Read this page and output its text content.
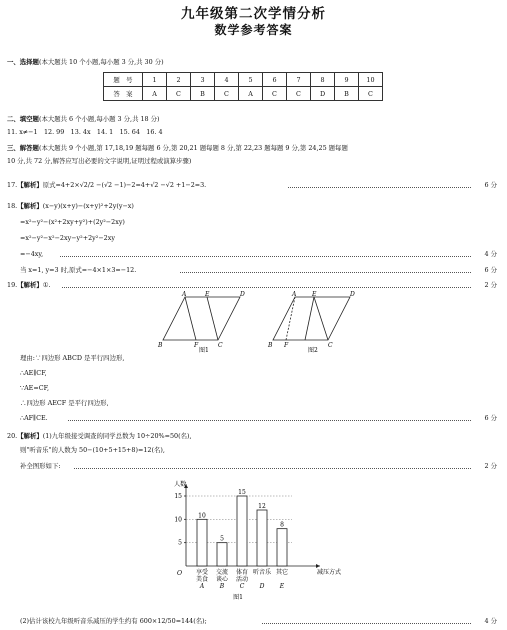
九年级第二次学情分析
数学参考答案
一、选择题(本大题共 10 个小题,每小题 3 分,共 30 分)
题　号	1	2	3	4	5	6	7	8	9	10
答　案	A	C	B	C	A	C	C	D	B	C
二、填空题(本大题共 6 个小题,每小题 3 分,共 18 分)
11. x≠−1　12. 99　13. 4x　14. 1　15. 64　16. 4
三、解答题(本大题共 9 个小题,第 17,18,19 题每题 6 分,第 20,21 题每题 8 分,第 22,23 题每题 9 分,第 24,25 题每题
10 分,共 72 分,解答应写出必要的文字说明,证明过程或演算步骤)
17.【解析】原式=4+2×√2/2 −(√2 −1)−2=4+√2 −√2 +1−2=3.	6 分
18.【解析】(x−y)(x+y)−(x+y)²+2y(y−x)
=x²−y²−(x²+2xy+y²)+(2y²−2xy)
=x²−y²−x²−2xy−y²+2y²−2xy
=−4xy,	4 分
当 x=1, y=3 时,原式=−4×1×3=−12.	6 分
19.【解析】①.	2 分
A	E	D
B	F	C
图1
A	E	D
B F	C
图2
理由:∵四边形 ABCD 是平行四边形,
∴AE∥CF,
∵AE=CF,
∴四边形 AECF 是平行四边形,
∴AF∥CE.	6 分
20.【解析】(1)九年级接受调查的同学总数为 10÷20%=50(名),
则"听音乐"的人数为 50−(10+5+15+8)=12(名),
补全图形如下:	2 分
人数
减压方式
O
5
10
15
10
享受
美食
A
5
交流
谈心
B
15
体育
活动
C
12
听音乐
D
8
其它
E
图1
(2)估计该校九年级听音乐减压的学生约有 600×12/50=144(名);	4 分
